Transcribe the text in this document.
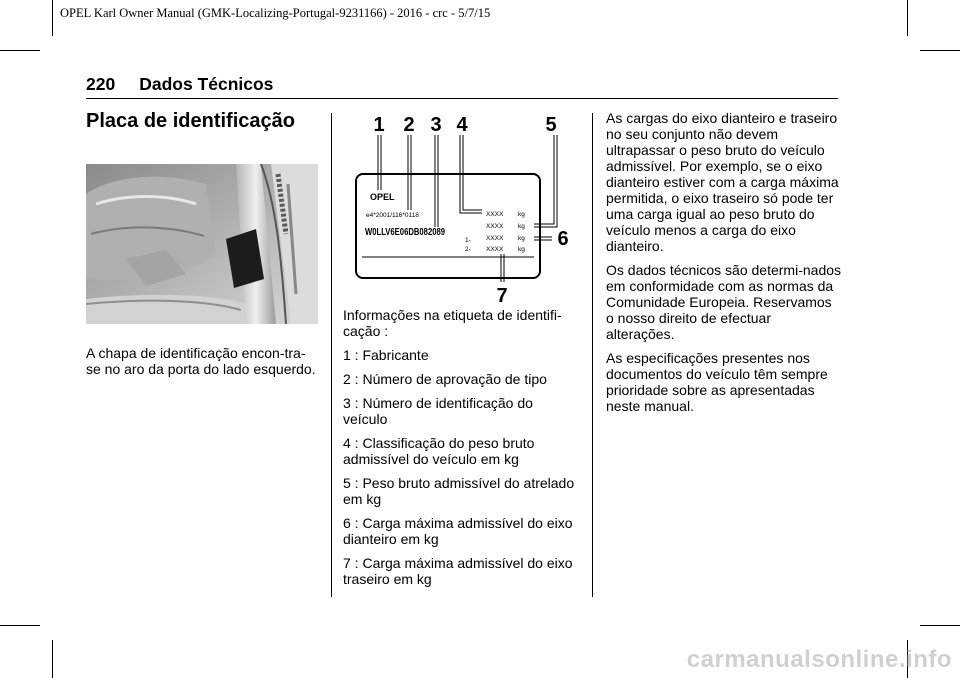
OPEL Karl Owner Manual (GMK-Localizing-Portugal-9231166) - 2016 - crc - 5/7/15
220 Dados Técnicos
Placa de identificação

A chapa de identificação encon-tra-se no aro da porta do lado esquerdo.

1 2 3 4	5
6
7
OPEL
e4*2001/116*0118
W0LLV6E06DB082089
1-
2-
XXXX
XXXX
XXXX
XXXX
kg
kg
kg
kg

Informações na etiqueta de identifi-cação :

1 : Fabricante

2 : Número de aprovação de tipo

3 : Número de identificação do veículo

4 : Classificação do peso bruto admissível do veículo em kg

5 : Peso bruto admissível do atrelado em kg

6 : Carga máxima admissível do eixo dianteiro em kg

7 : Carga máxima admissível do eixo traseiro em kg

As cargas do eixo dianteiro e traseiro no seu conjunto não devem ultrapassar o peso bruto do veículo admissível. Por exemplo, se o eixo dianteiro estiver com a carga máxima permitida, o eixo traseiro só pode ter uma carga igual ao peso bruto do veículo menos a carga do eixo dianteiro.

Os dados técnicos são determi-nados em conformidade com as normas da Comunidade Europeia. Reservamos o nosso direito de efectuar alterações.

As especificações presentes nos documentos do veículo têm sempre prioridade sobre as apresentadas neste manual.

carmanualsonline.info
